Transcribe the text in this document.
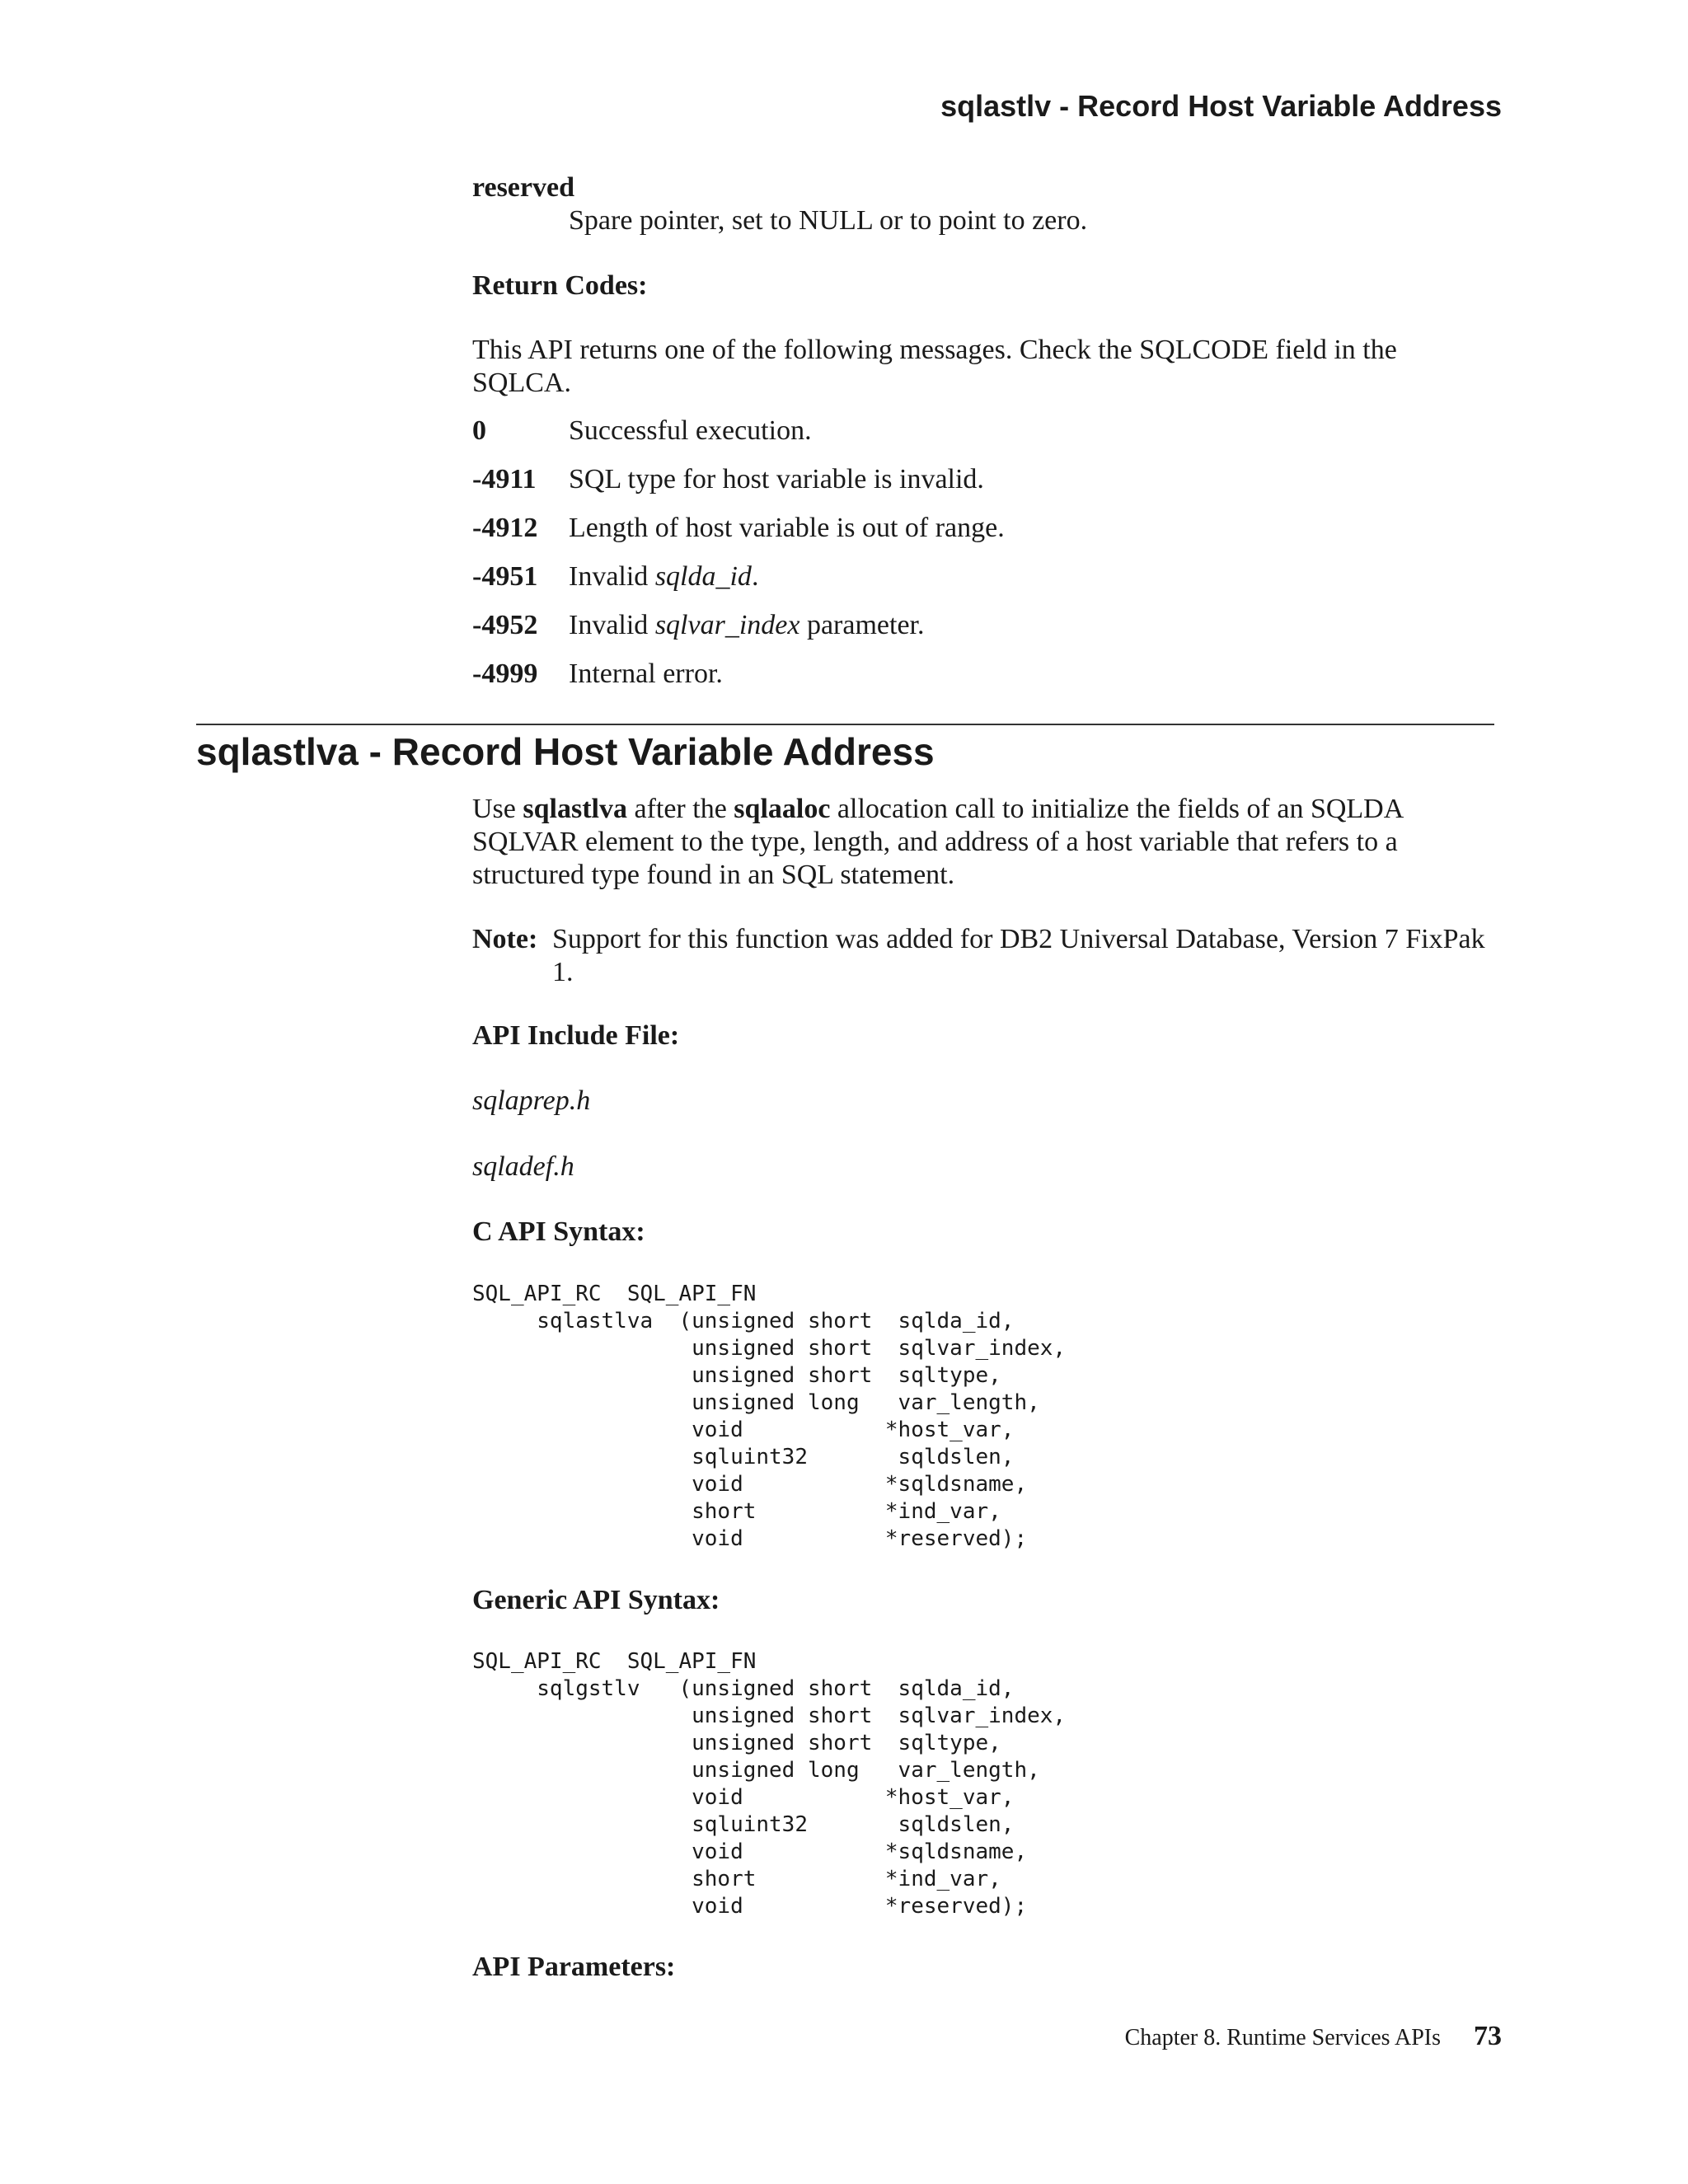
sqlastlv - Record Host Variable Address
reserved
Spare pointer, set to NULL or to point to zero.
Return Codes:
This API returns one of the following messages. Check the SQLCODE field in the SQLCA.
0	Successful execution.
-4911	SQL type for host variable is invalid.
-4912	Length of host variable is out of range.
-4951	Invalid sqlda_id.
-4952	Invalid sqlvar_index parameter.
-4999	Internal error.
sqlastlva - Record Host Variable Address
Use sqlastlva after the sqlaaloc allocation call to initialize the fields of an SQLDA SQLVAR element to the type, length, and address of a host variable that refers to a structured type found in an SQL statement.
Note: Support for this function was added for DB2 Universal Database, Version 7 FixPak 1.
API Include File:
sqlaprep.h
sqladef.h
C API Syntax:
SQL_API_RC  SQL_API_FN
sqlastlva  (unsigned short  sqlda_id,
unsigned short  sqlvar_index,
unsigned short  sqltype,
unsigned long   var_length,
void           *host_var,
sqluint32       sqldslen,
void           *sqldsname,
short          *ind_var,
void           *reserved);
Generic API Syntax:
SQL_API_RC  SQL_API_FN
sqlgstlv   (unsigned short  sqlda_id,
unsigned short  sqlvar_index,
unsigned short  sqltype,
unsigned long   var_length,
void           *host_var,
sqluint32       sqldslen,
void           *sqldsname,
short          *ind_var,
void           *reserved);
API Parameters:
Chapter 8. Runtime Services APIs 73
